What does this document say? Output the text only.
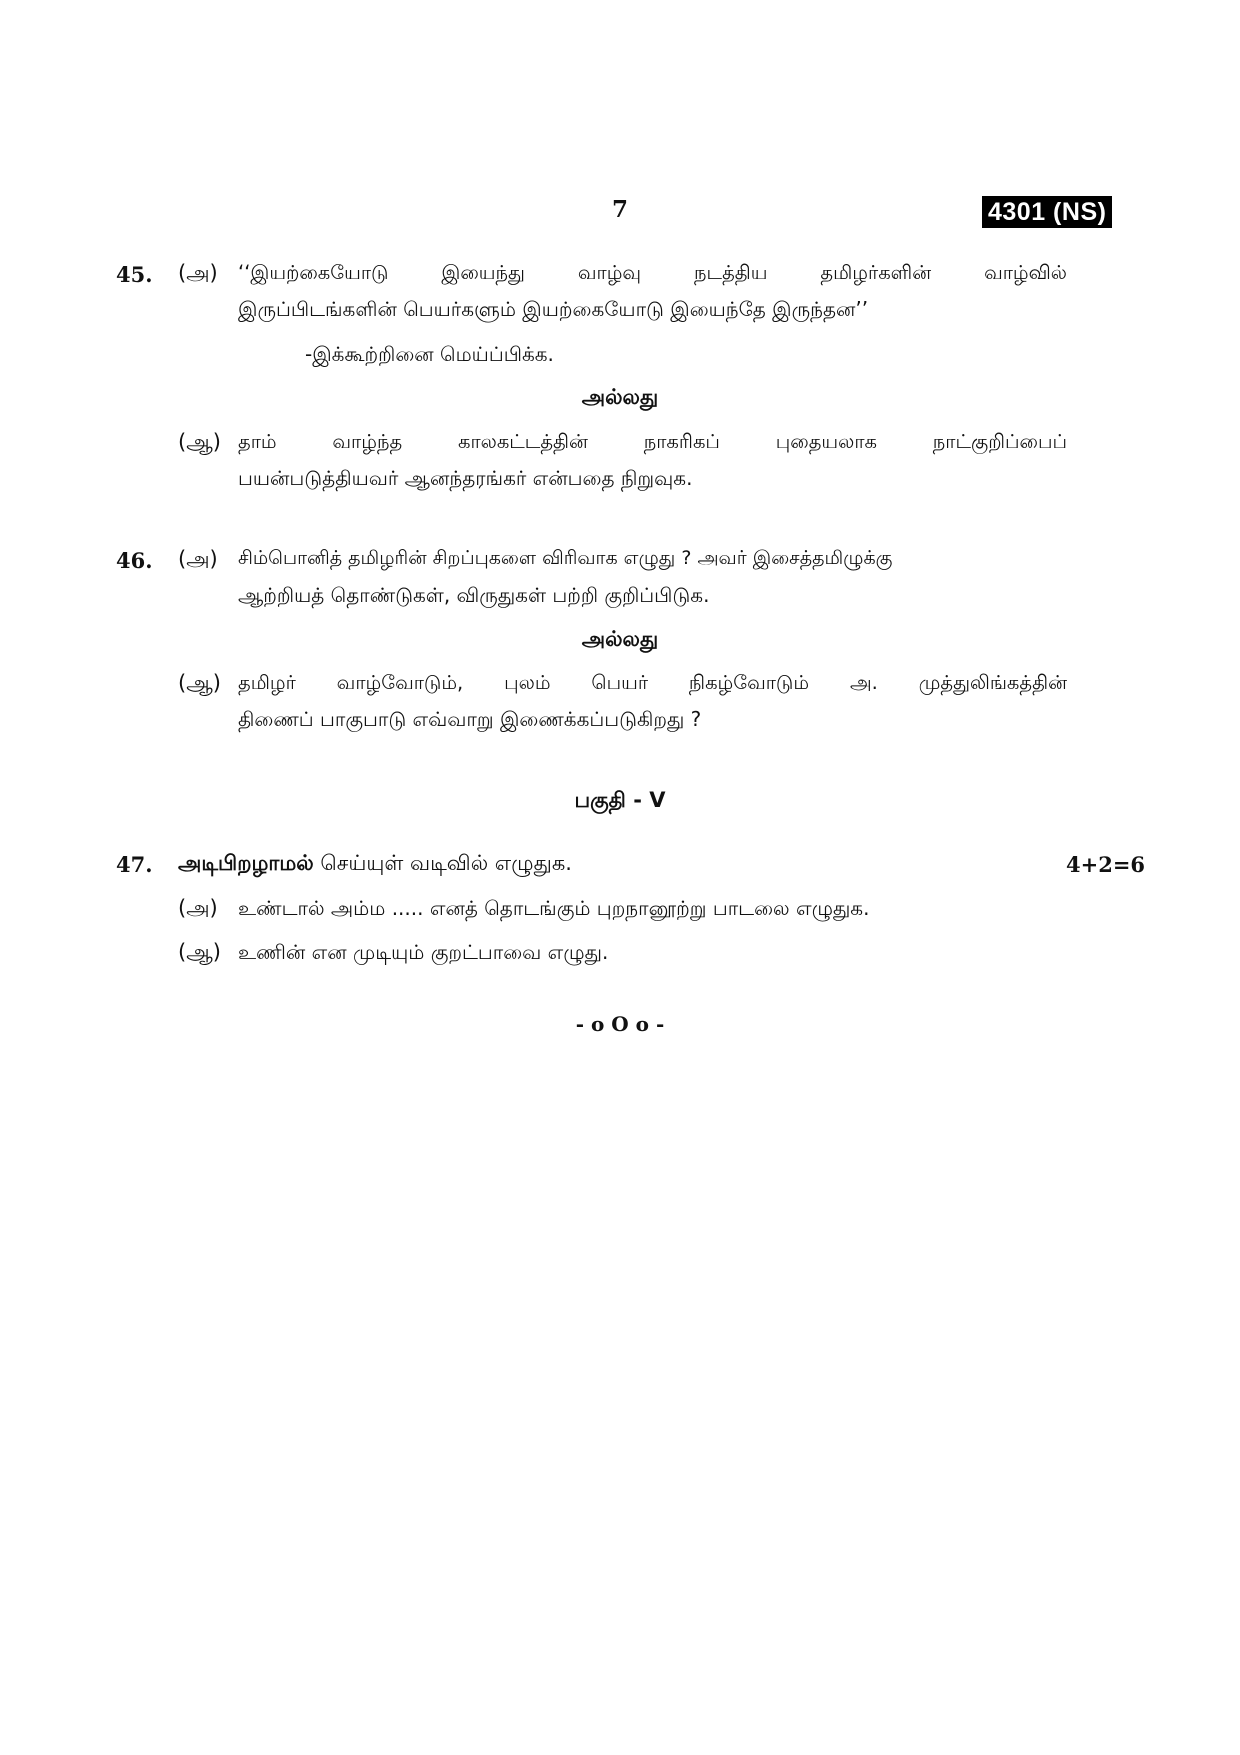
7	4301 (NS)
45. (அ) ‘‘இயற்கையோடு இயைந்து வாழ்வு நடத்திய தமிழர்களின் வாழ்வில்
இருப்பிடங்களின் பெயர்களும் இயற்கையோடு இயைந்தே இருந்தன’’
-இக்கூற்றினை மெய்ப்பிக்க.
அல்லது
(ஆ) தாம் வாழ்ந்த காலகட்டத்தின் நாகரிகப் புதையலாக நாட்குறிப்பைப்
பயன்படுத்தியவர் ஆனந்தரங்கர் என்பதை நிறுவுக.
46. (அ) சிம்பொனித் தமிழரின் சிறப்புகளை விரிவாக எழுது ? அவர் இசைத்தமிழுக்கு
ஆற்றியத் தொண்டுகள், விருதுகள் பற்றி குறிப்பிடுக.
அல்லது
(ஆ) தமிழர் வாழ்வோடும், புலம் பெயர் நிகழ்வோடும் அ. முத்துலிங்கத்தின்
திணைப் பாகுபாடு எவ்வாறு இணைக்கப்படுகிறது ?
பகுதி - V
47. அடிபிறழாமல் செய்யுள் வடிவில் எழுதுக.	4+2=6
(அ) உண்டால் அம்ம ..... எனத் தொடங்கும் புறநானூற்று பாடலை எழுதுக.
(ஆ) உணின் என முடியும் குறட்பாவை எழுது.
- o O o -
